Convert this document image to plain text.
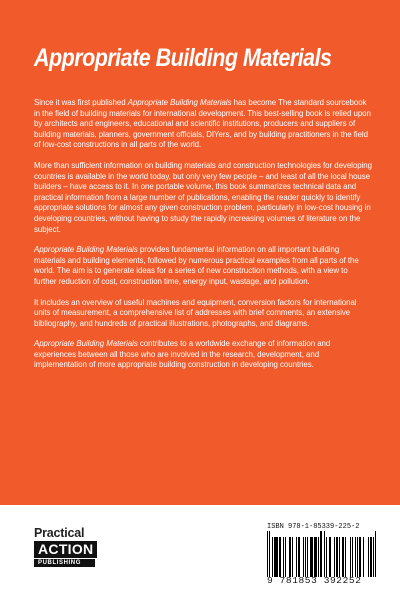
Appropriate Building Materials

Since it was first published Appropriate Building Materials has become The standard sourcebook in the field of building materials for international development. This best-selling book is relied upon by architects and engineers, educational and scientific institutions, producers and suppliers of building materials, planners, government officials, DIYers, and by building practitioners in the field of low-cost constructions in all parts of the world.

More than sufficient information on building materials and construction technologies for developing countries is available in the world today, but only very few people – and least of all the local house builders – have access to it. In one portable volume, this book summarizes technical data and practical information from a large number of publications, enabling the reader quickly to identify appropriate solutions for almost any given construction problem, particularly in low-cost housing in developing countries, without having to study the rapidly increasing volumes of literature on the subject.

Appropriate Building Materials provides fundamental information on all important building materials and building elements, followed by numerous practical examples from all parts of the world. The aim is to generate ideas for a series of new construction methods, with a view to further reduction of cost, construction time, energy input, wastage, and pollution.

It includes an overview of useful machines and equipment, conversion factors for international units of measurement, a comprehensive list of addresses with brief comments, an extensive bibliography, and hundreds of practical illustrations, photographs, and diagrams.

Appropriate Building Materials contributes to a worldwide exchange of information and experiences between all those who are involved in the research, development, and implementation of more appropriate building construction in developing countries.

Practical
ACTION
PUBLISHING
ISBN 978-1-85339-225-2
9 781853 392252
